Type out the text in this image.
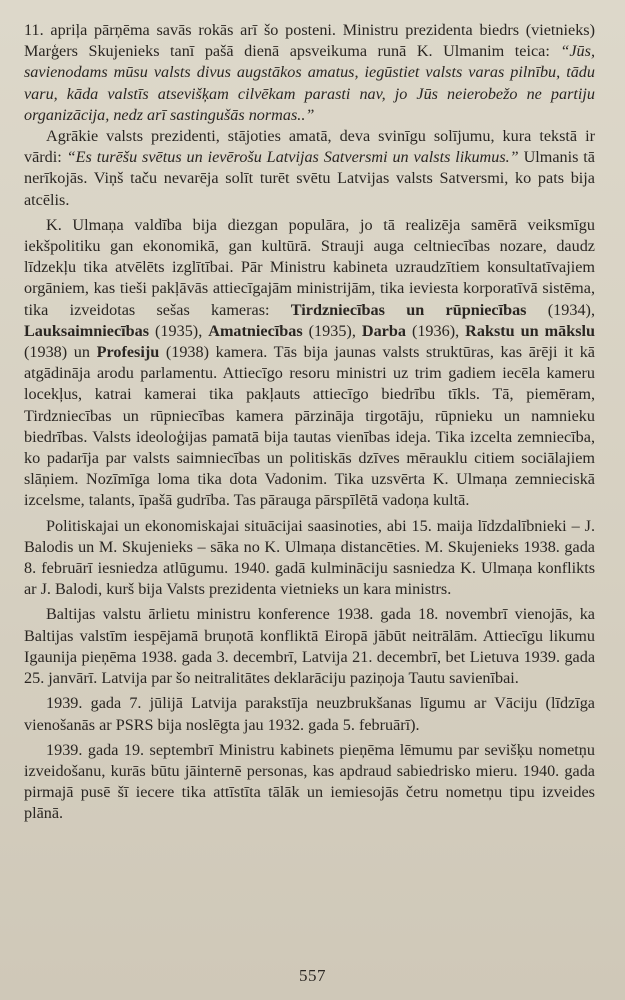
11. apriļa pārņēma savās rokās arī šo posteni. Ministru prezidenta biedrs (vietnieks) Marģers Skujenieks tanī pašā dienā apsveikuma runā K. Ulmanim teica: “Jūs, savienodams mūsu valsts divus augstākos amatus, iegūstiet valsts varas pilnību, tādu varu, kāda valstīs atsevišķam cilvēkam parasti nav, jo Jūs neierobežo ne partiju organizācija, nedz arī sastingušās normas..”

Agrākie valsts prezidenti, stājoties amatā, deva svinīgu solījumu, kura tekstā ir vārdi: “Es turēšu svētus un ievērošu Latvijas Satversmi un valsts likumus.” Ulmanis tā nerīkojās. Viņš taču nevarēja solīt turēt svētu Latvijas valsts Satversmi, ko pats bija atcēlis.

K. Ulmaņa valdība bija diezgan populāra, jo tā realizēja samērā veiksmīgu iekšpolitiku gan ekonomikā, gan kultūrā. Strauji auga celtniecības nozare, daudz līdzekļu tika atvēlēts izglītībai. Pār Ministru kabineta uzraudzītiem konsultatīvajiem orgāniem, kas tieši pakļāvās attiecīgajām ministrijām, tika ieviesta korporatīvā sistēma, tika izveidotas sešas kameras: Tirdzniecības un rūpniecības (1934), Lauksaimniecības (1935), Amatniecības (1935), Darba (1936), Rakstu un mākslu (1938) un Profesiju (1938) kamera. Tās bija jaunas valsts struktūras, kas ārēji it kā atgādināja arodu parlamentu. Attiecīgo resoru ministri uz trim gadiem iecēla kameru locekļus, katrai kamerai tika pakļauts attiecīgo biedrību tīkls. Tā, piemēram, Tirdzniecības un rūpniecības kamera pārzināja tirgotāju, rūpnieku un namnieku biedrības. Valsts ideoloģijas pamatā bija tautas vienības ideja. Tika izcelta zemniecība, ko padarīja par valsts saimniecības un politiskās dzīves mērauklu citiem sociālajiem slāņiem. Nozīmīga loma tika dota Vadonim. Tika uzsvērta K. Ulmaņa zemnieciskā izcelsme, talants, īpašā gudrība. Tas pārauga pārspīlētā vadoņa kultā.

Politiskajai un ekonomiskajai situācijai saasinoties, abi 15. maija līdzdalībnieki – J. Balodis un M. Skujenieks – sāka no K. Ulmaņa distancēties. M. Skujenieks 1938. gada 8. februārī iesniedza atlūgumu. 1940. gadā kulmināciju sasniedza K. Ulmaņa konflikts ar J. Balodi, kurš bija Valsts prezidenta vietnieks un kara ministrs.

Baltijas valstu ārlietu ministru konference 1938. gada 18. novembrī vienojās, ka Baltijas valstīm iespējamā bruņotā konfliktā Eiropā jābūt neitrālām. Attiecīgu likumu Igaunija pieņēma 1938. gada 3. decembrī, Latvija 21. decembrī, bet Lietuva 1939. gada 25. janvārī. Latvija par šo neitralitātes deklarāciju paziņoja Tautu savienībai.

1939. gada 7. jūlijā Latvija parakstīja neuzbrukšanas līgumu ar Vāciju (līdzīga vienošanās ar PSRS bija noslēgta jau 1932. gada 5. februārī).

1939. gada 19. septembrī Ministru kabinets pieņēma lēmumu par sevišķu nometņu izveidošanu, kurās būtu jāinternē personas, kas apdraud sabiedrisko mieru. 1940. gada pirmajā pusē šī iecere tika attīstīta tālāk un iemiesojās četru nometņu tipu izveides plānā.

557
